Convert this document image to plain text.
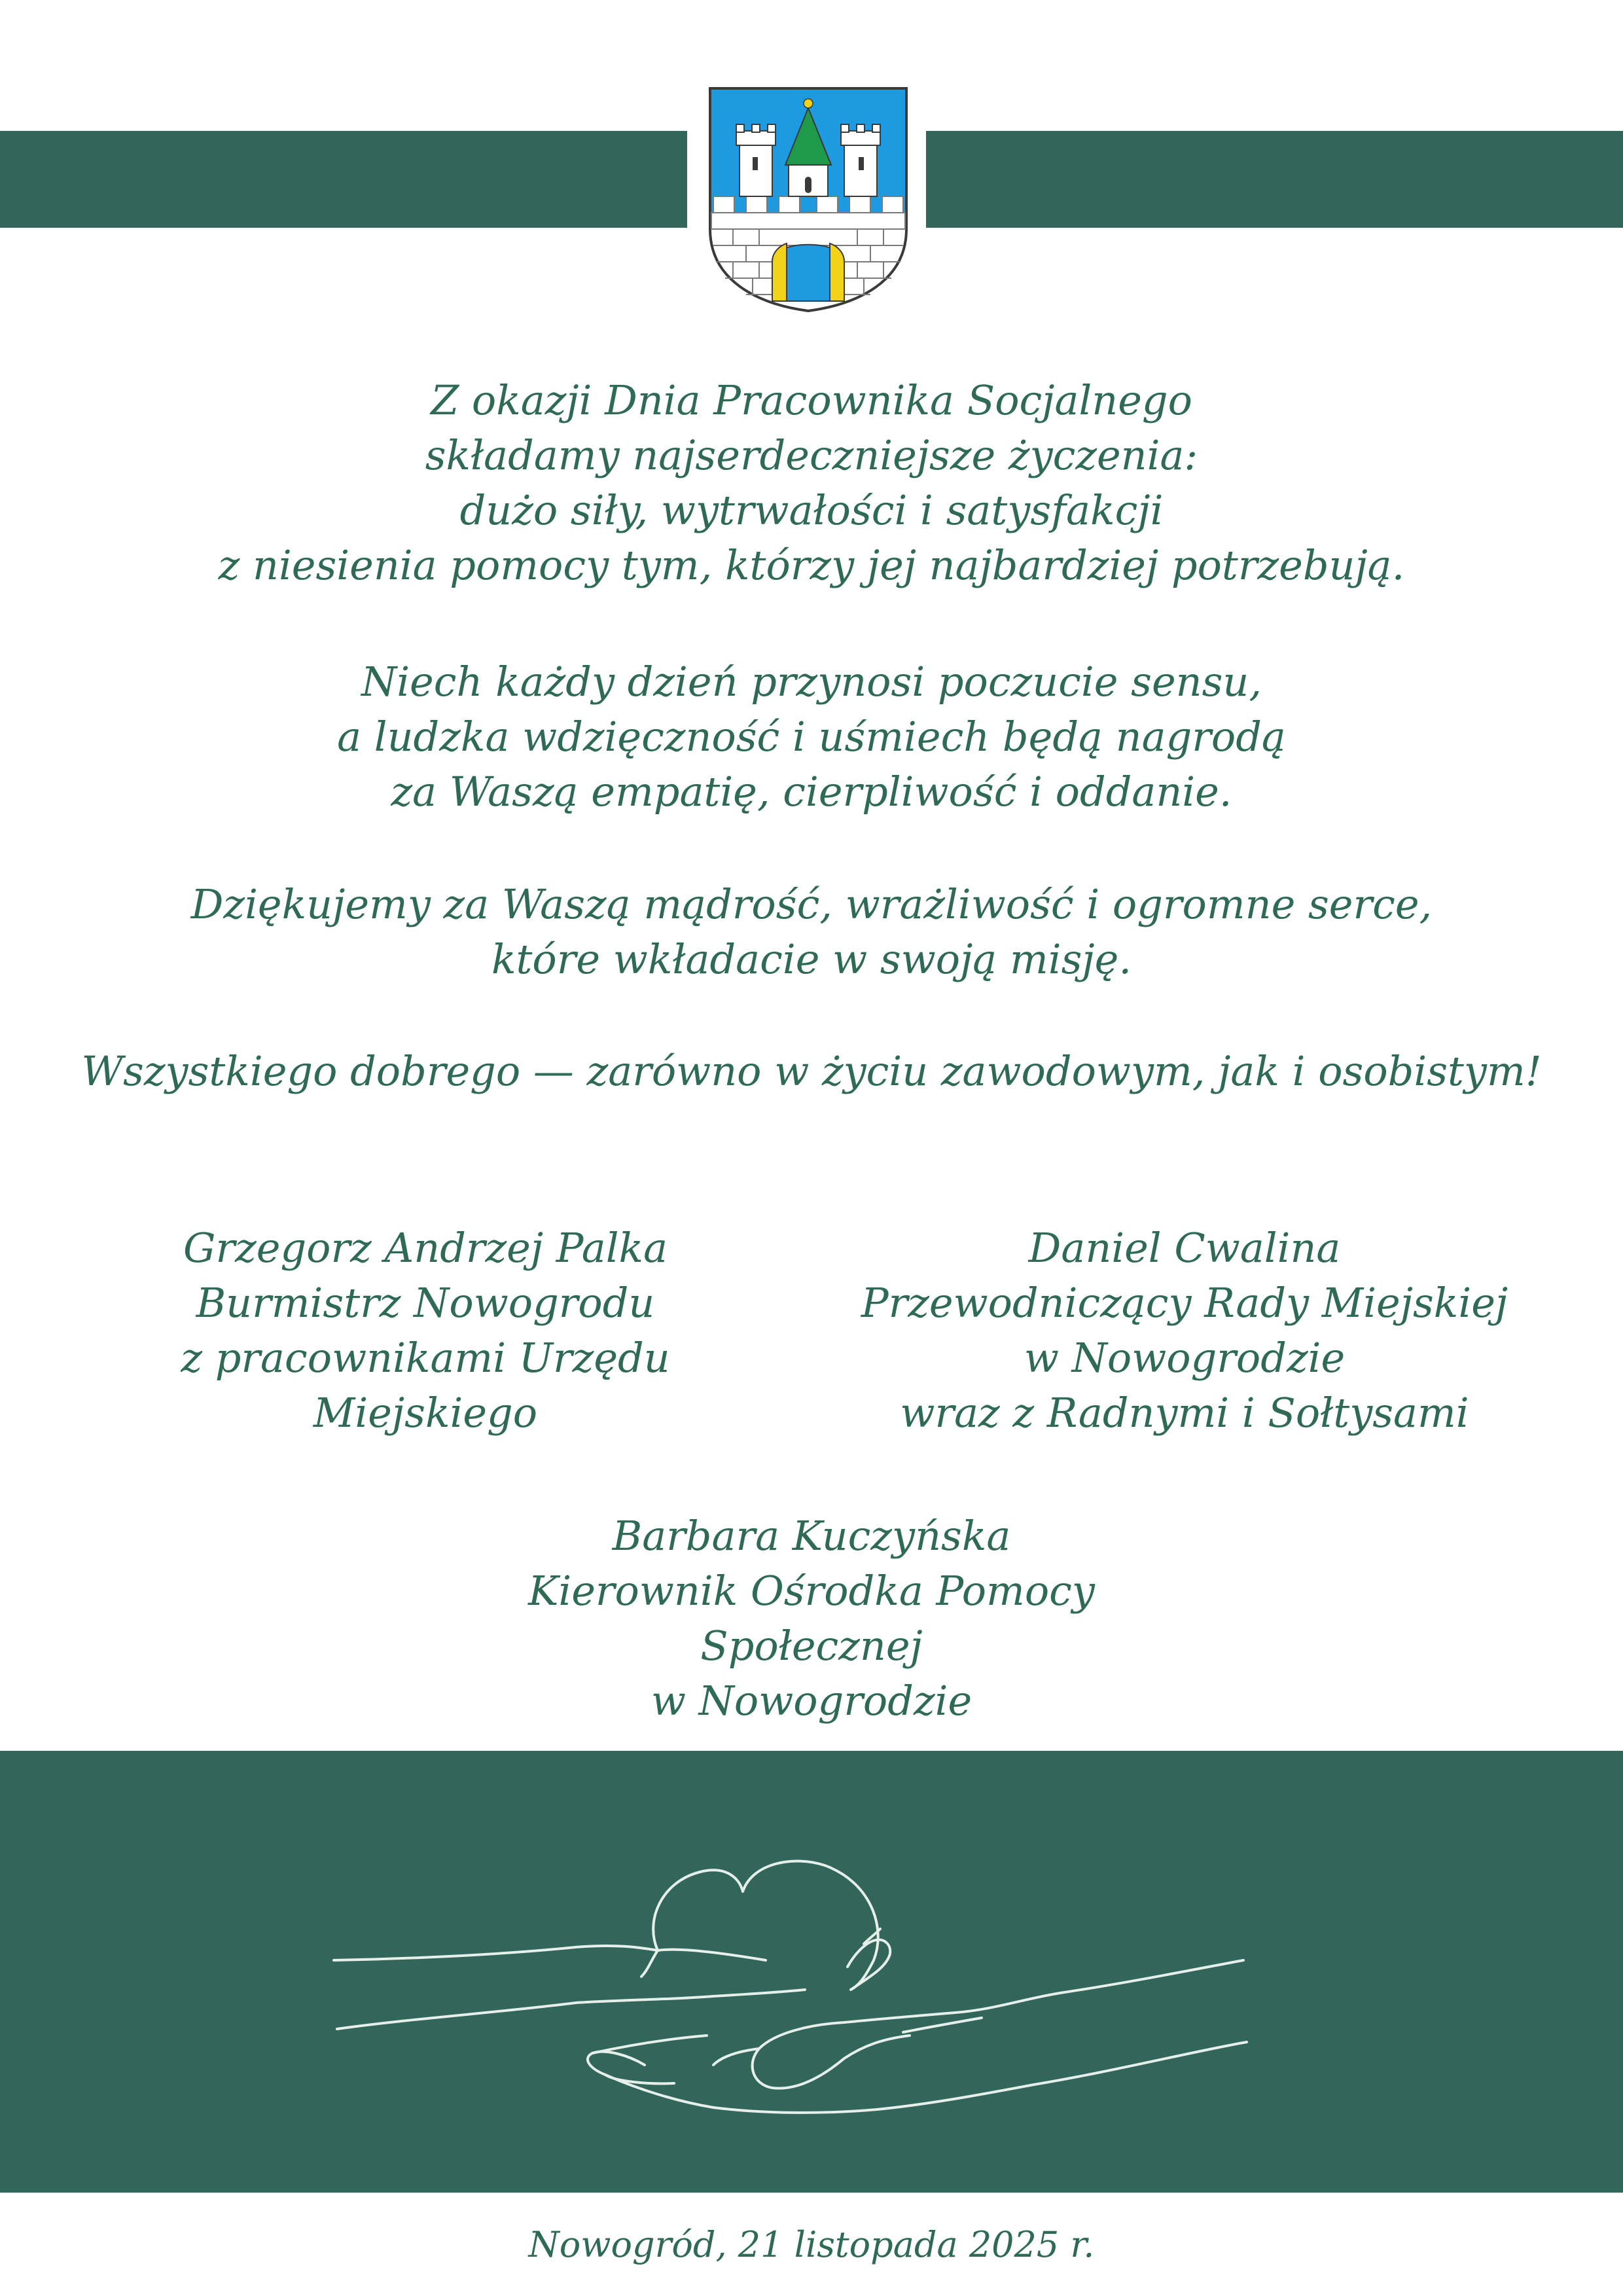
Z okazji Dnia Pracownika Socjalnego

składamy najserdeczniejsze życzenia:

dużo siły, wytrwałości i satysfakcji

z niesienia pomocy tym, którzy jej najbardziej potrzebują.

Niech każdy dzień przynosi poczucie sensu,

a ludzka wdzięczność i uśmiech będą nagrodą

za Waszą empatię, cierpliwość i oddanie.

Dziękujemy za Waszą mądrość, wrażliwość i ogromne serce,

które wkładacie w swoją misję.

Wszystkiego dobrego — zarówno w życiu zawodowym, jak i osobistym!

Grzegorz Andrzej Palka

Burmistrz Nowogrodu

z pracownikami Urzędu Miejskiego

Daniel Cwalina

Przewodniczący Rady Miejskiej

w Nowogrodzie

wraz z Radnymi i Sołtysami

Barbara Kuczyńska

Kierownik Ośrodka Pomocy Społecznej

w Nowogrodzie

Nowogród, 21 listopada 2025 r.
